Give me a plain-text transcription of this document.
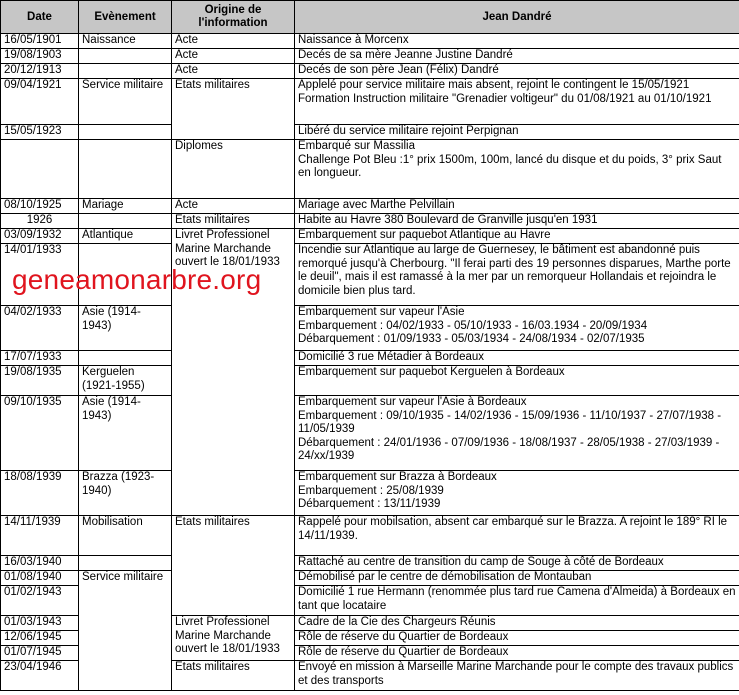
Date	Evènement	Origine de l'information	Jean Dandré
16/05/1901	Naissance	Acte	Naissance à Morcenx
19/08/1903		Acte	Decés de sa mère Jeanne Justine Dandré
20/12/1913		Acte	Decés de son père Jean (Félix) Dandré
09/04/1921	Service militaire	Etats militaires	Applelé pour service militaire mais absent, rejoint le contingent le 15/05/1921 Formation Instruction militaire "Grenadier voltigeur" du 01/08/1921 au 01/10/1921
15/05/1923			Libéré du service militaire rejoint Perpignan
		Diplomes	Embarqué sur Massilia
Challenge Pot Bleu :1° prix 1500m, 100m, lancé du disque et du poids, 3° prix Saut en longueur.
08/10/1925	Mariage	Acte	Mariage avec Marthe Pelvillain
1926		Etats militaires	Habite au Havre 380 Boulevard de Granville jusqu'en 1931
03/09/1932	Atlantique	Livret Professionel Marine Marchande ouvert le 18/01/1933	Embarquement sur paquebot Atlantique au Havre
14/01/1933			Incendie sur Atlantique au large de Guernesey, le bâtiment est abandonné puis remorqué jusqu'à Cherbourg. "Il ferai parti des 19 personnes disparues, Marthe porte le deuil", mais il est ramassé à la mer par un remorqueur Hollandais et rejoindra le domicile bien plus tard.
04/02/1933	Asie (1914-1943)		Embarquement sur vapeur l'Asie
Embarquement : 04/02/1933 - 05/10/1933 - 16/03.1934 - 20/09/1934
Débarquement : 01/09/1933 - 05/03/1934 - 24/08/1934 - 02/07/1935
17/07/1933			Domicilié 3 rue Métadier à Bordeaux
19/08/1935	Kerguelen (1921-1955)		Embarquement sur paquebot Kerguelen à Bordeaux
09/10/1935	Asie (1914-1943)		Embarquement sur vapeur l'Asie à Bordeaux
Embarquement : 09/10/1935 - 14/02/1936 - 15/09/1936 - 11/10/1937 - 27/07/1938 - 11/05/1939
Débarquement : 24/01/1936 - 07/09/1936 - 18/08/1937 - 28/05/1938 - 27/03/1939 - 24/xx/1939
18/08/1939	Brazza (1923-1940)		Embarquement sur Brazza à Bordeaux
Embarquement : 25/08/1939
Débarquement : 13/11/1939
14/11/1939	Mobilisation	Etats militaires	Rappelé pour mobilsation, absent car embarqué sur le Brazza. A rejoint le 189° RI le 14/11/1939.
16/03/1940			Rattaché au centre de transition du camp de Souge à côté de Bordeaux
01/08/1940	Service militaire		Démobilisé par le centre de démobilisation de Montauban
01/02/1943			Domicilié 1 rue Hermann (renommée plus tard rue Camena d'Almeida) à Bordeaux en tant que locataire
01/03/1943		Livret Professionel Marine Marchande ouvert le 18/01/1933	Cadre de la Cie des Chargeurs Réunis
12/06/1945			Rôle de réserve du Quartier de Bordeaux
01/07/1945			Rôle de réserve du Quartier de Bordeaux
23/04/1946		Etats militaires	Envoyé en mission à Marseille Marine Marchande pour le compte des travaux publics et des transports
geneamonarbre.org
